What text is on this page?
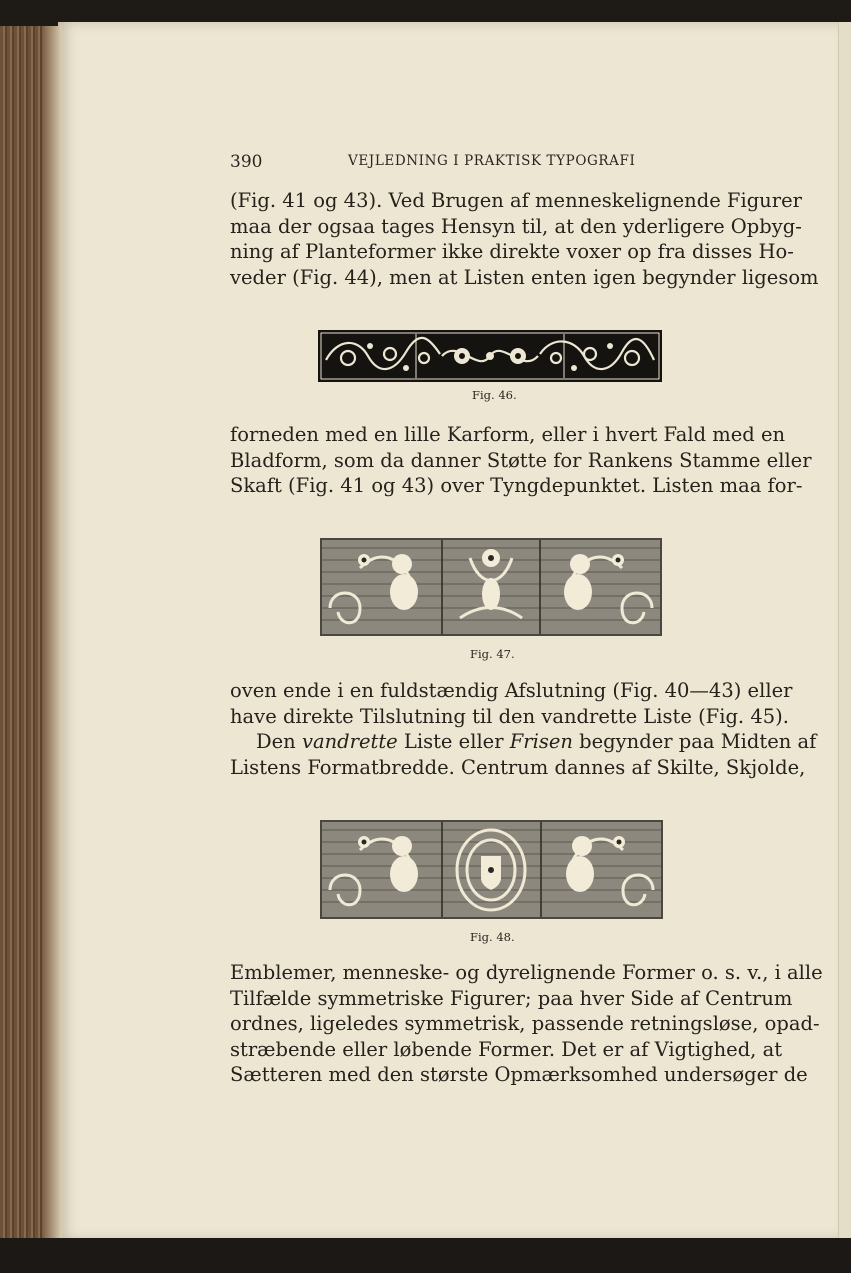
390	VEJLEDNING I PRAKTISK TYPOGRAFI
(Fig. 41 og 43). Ved Brugen af menneskelignende Figurer
maa der ogsaa tages Hensyn til, at den yderligere Opbyg-
ning af Planteformer ikke direkte voxer op fra disses Ho-
veder (Fig. 44), men at Listen enten igen begynder ligesom
Fig. 46.
forneden med en lille Karform, eller i hvert Fald med en
Bladform, som da danner Støtte for Rankens Stamme eller
Skaft (Fig. 41 og 43) over Tyngdepunktet. Listen maa for-
Fig. 47.
oven ende i en fuldstændig Afslutning (Fig. 40—43) eller
have direkte Tilslutning til den vandrette Liste (Fig. 45).
Den vandrette Liste eller Frisen begynder paa Midten af
Listens Formatbredde. Centrum dannes af Skilte, Skjolde,
Fig. 48.
Emblemer, menneske- og dyrelignende Former o. s. v., i alle
Tilfælde symmetriske Figurer; paa hver Side af Centrum
ordnes, ligeledes symmetrisk, passende retningsløse, opad-
stræbende eller løbende Former. Det er af Vigtighed, at
Sætteren med den største Opmærksomhed undersøger de
